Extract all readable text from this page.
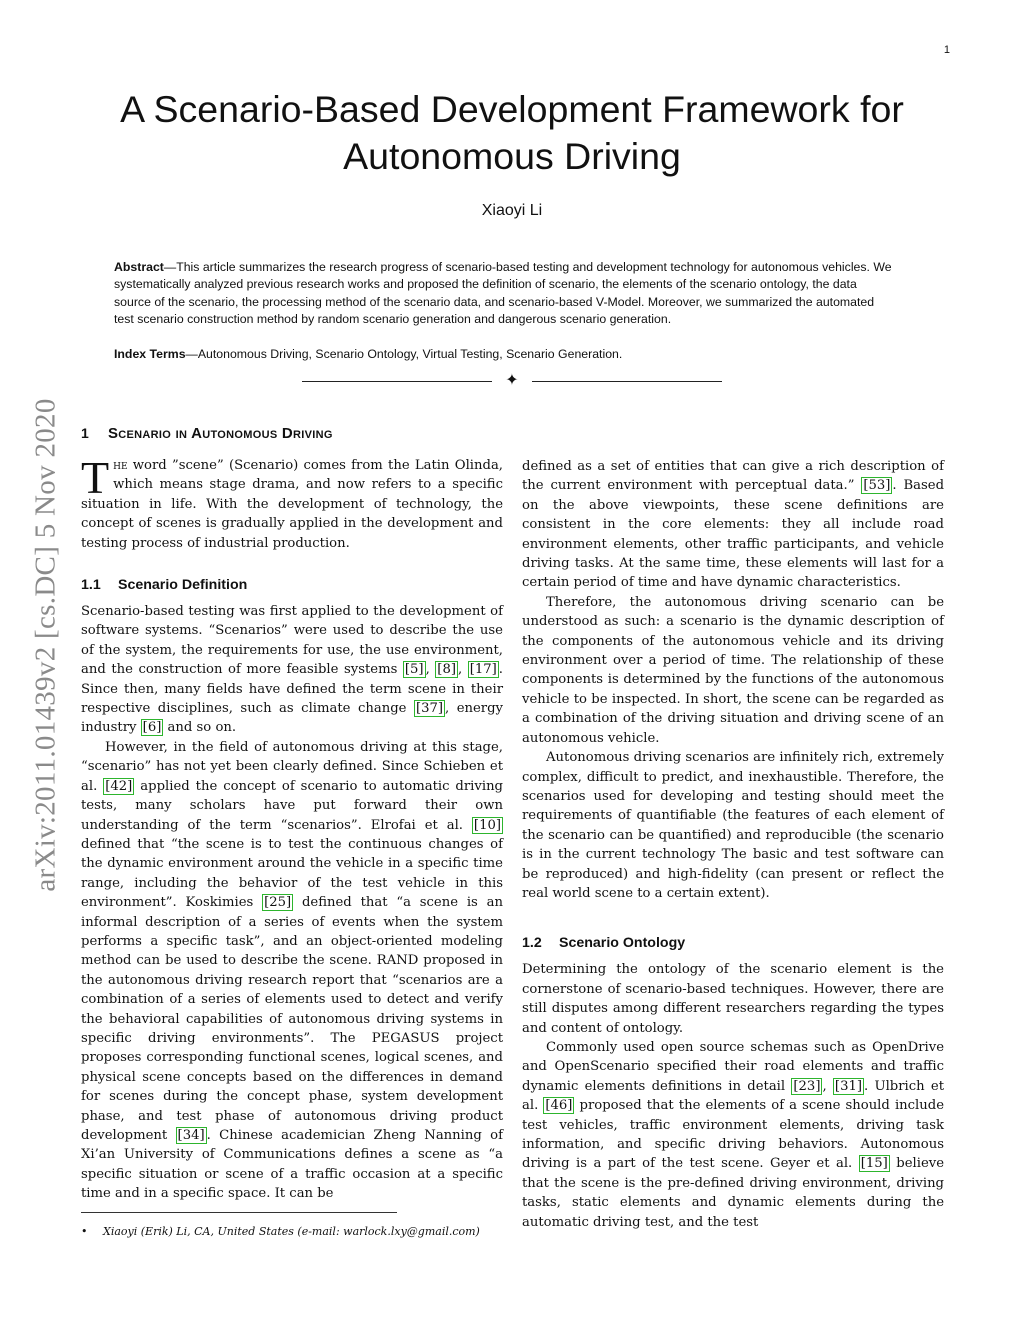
1
arXiv:2011.01439v2 [cs.DC] 5 Nov 2020
A Scenario-Based Development Framework for
Autonomous Driving
Xiaoyi Li

Abstract—This article summarizes the research progress of scenario-based testing and development technology for autonomous vehicles. We systematically analyzed previous research works and proposed the definition of scenario, the elements of the scenario ontology, the data source of the scenario, the processing method of the scenario data, and scenario-based V-Model. Moreover, we summarized the automated test scenario construction method by random scenario generation and dangerous scenario generation.

Index Terms—Autonomous Driving, Scenario Ontology, Virtual Testing, Scenario Generation.

✦
1 Scenario in Autonomous Driving

The word ”scene” (Scenario) comes from the Latin Olinda, which means stage drama, and now refers to a specific situation in life. With the development of technology, the concept of scenes is gradually applied in the development and testing process of industrial production.

1.1 Scenario Definition

Scenario-based testing was first applied to the development of software systems. “Scenarios” were used to describe the use of the system, the requirements for use, the use environment, and the construction of more feasible systems [5] , [8] , [17] . Since then, many fields have defined the term scene in their respective disciplines, such as climate change [37] , energy industry [6] and so on.

However, in the field of autonomous driving at this stage, “scenario” has not yet been clearly defined. Since Schieben et al. [42] applied the concept of scenario to automatic driving tests, many scholars have put forward their own understanding of the term “scenarios”. Elrofai et al. [10] defined that “the scene is to test the continuous changes of the dynamic environment around the vehicle in a specific time range, including the behavior of the test vehicle in this environment”. Koskimies [25] defined that “a scene is an informal description of a series of events when the system performs a specific task”, and an object-oriented modeling method can be used to describe the scene. RAND proposed in the autonomous driving research report that “scenarios are a combination of a series of elements used to detect and verify the behavioral capabilities of autonomous driving systems in specific driving environments”. The PEGASUS project proposes corresponding functional scenes, logical scenes, and physical scene concepts based on the differences in demand for scenes during the concept phase, system development phase, and test phase of autonomous driving product development [34] . Chinese academician Zheng Nanning of Xi’an University of Communications defines a scene as “a specific situation or scene of a traffic occasion at a specific time and in a specific space. It can be

• Xiaoyi (Erik) Li, CA, United States (e-mail: warlock.lxy@gmail.com)

defined as a set of entities that can give a rich description of the current environment with perceptual data.” [53] . Based on the above viewpoints, these scene definitions are consistent in the core elements: they all include road environment elements, other traffic participants, and vehicle driving tasks. At the same time, these elements will last for a certain period of time and have dynamic characteristics.

Therefore, the autonomous driving scenario can be understood as such: a scenario is the dynamic description of the components of the autonomous vehicle and its driving environment over a period of time. The relationship of these components is determined by the functions of the autonomous vehicle to be inspected. In short, the scene can be regarded as a combination of the driving situation and driving scene of an autonomous vehicle.

Autonomous driving scenarios are infinitely rich, extremely complex, difficult to predict, and inexhaustible. Therefore, the scenarios used for developing and testing should meet the requirements of quantifiable (the features of each element of the scenario can be quantified) and reproducible (the scenario is in the current technology The basic and test software can be reproduced) and high-fidelity (can present or reflect the real world scene to a certain extent).

1.2 Scenario Ontology

Determining the ontology of the scenario element is the cornerstone of scenario-based techniques. However, there are still disputes among different researchers regarding the types and content of ontology.

Commonly used open source schemas such as OpenDrive and OpenScenario specified their road elements and traffic dynamic elements definitions in detail [23] , [31] . Ulbrich et al. [46] proposed that the elements of a scene should include test vehicles, traffic environment elements, driving task information, and specific driving behaviors. Autonomous driving is a part of the test scene. Geyer et al. [15] believe that the scene is the pre-defined driving environment, driving tasks, static elements and dynamic elements during the automatic driving test, and the test
